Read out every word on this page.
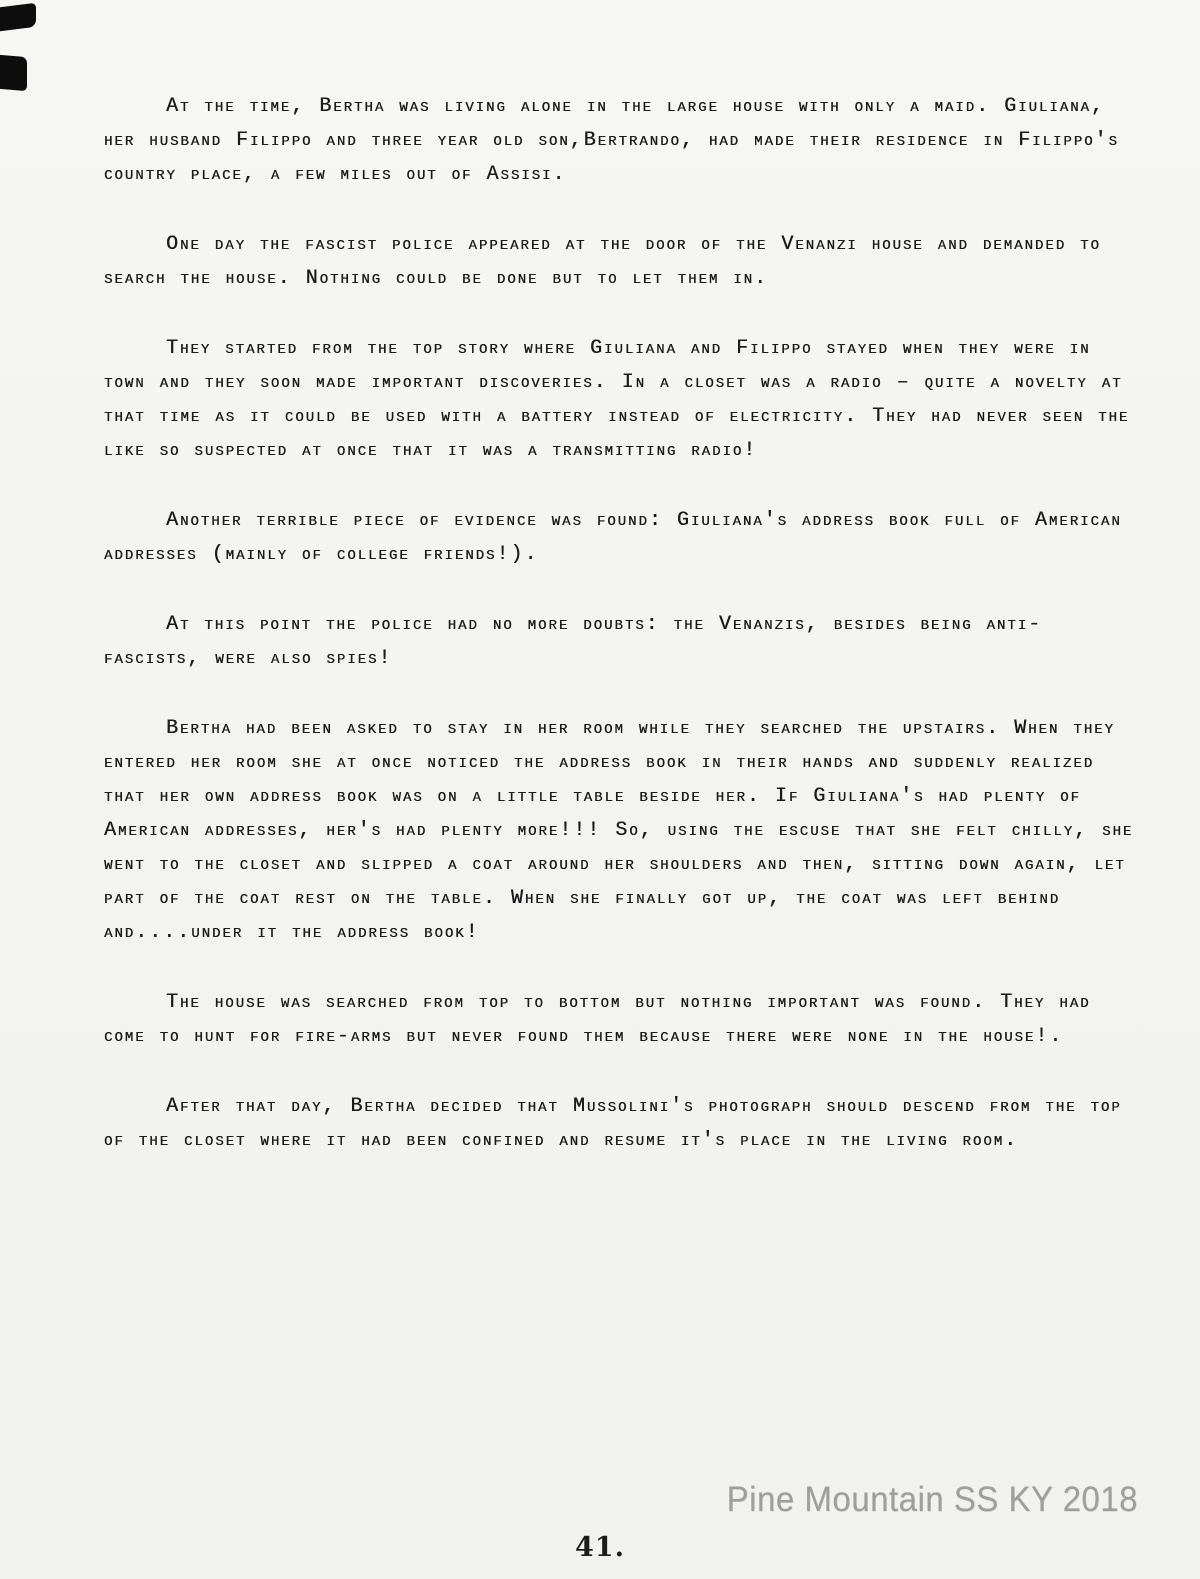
At the time, Bertha was living alone in the large house with only a maid. Giuliana, her husband Filippo and three year old son,Bertrando, had made their residence in Filippo's country place, a few miles out of Assisi.

One day the fascist police appeared at the door of the Venanzi house and demanded to search the house. Nothing could be done but to let them in.

They started from the top story where Giuliana and Filippo stayed when they were in town and they soon made important discoveries. In a closet was a radio – quite a novelty at that time as it could be used with a battery instead of electricity. They had never seen the like so suspected at once that it was a transmitting radio!

Another terrible piece of evidence was found: Giuliana's address book full of American addresses (mainly of college friends!).

At this point the police had no more doubts: the Venanzis, besides being anti-fascists, were also spies!

Bertha had been asked to stay in her room while they searched the upstairs. When they entered her room she at once noticed the address book in their hands and suddenly realized that her own address book was on a little table beside her. If Giuliana's had plenty of American addresses, her's had plenty more!!! So, using the escuse that she felt chilly, she went to the closet and slipped a coat around her shoulders and then, sitting down again, let part of the coat rest on the table. When she finally got up, the coat was left behind and....under it the address book!

The house was searched from top to bottom but nothing important was found. They had come to hunt for fire-arms but never found them because there were none in the house!.

After that day, Bertha decided that Mussolini's photograph should descend from the top of the closet where it had been confined and resume it's place in the living room.

Pine Mountain SS KY 2018
41.
